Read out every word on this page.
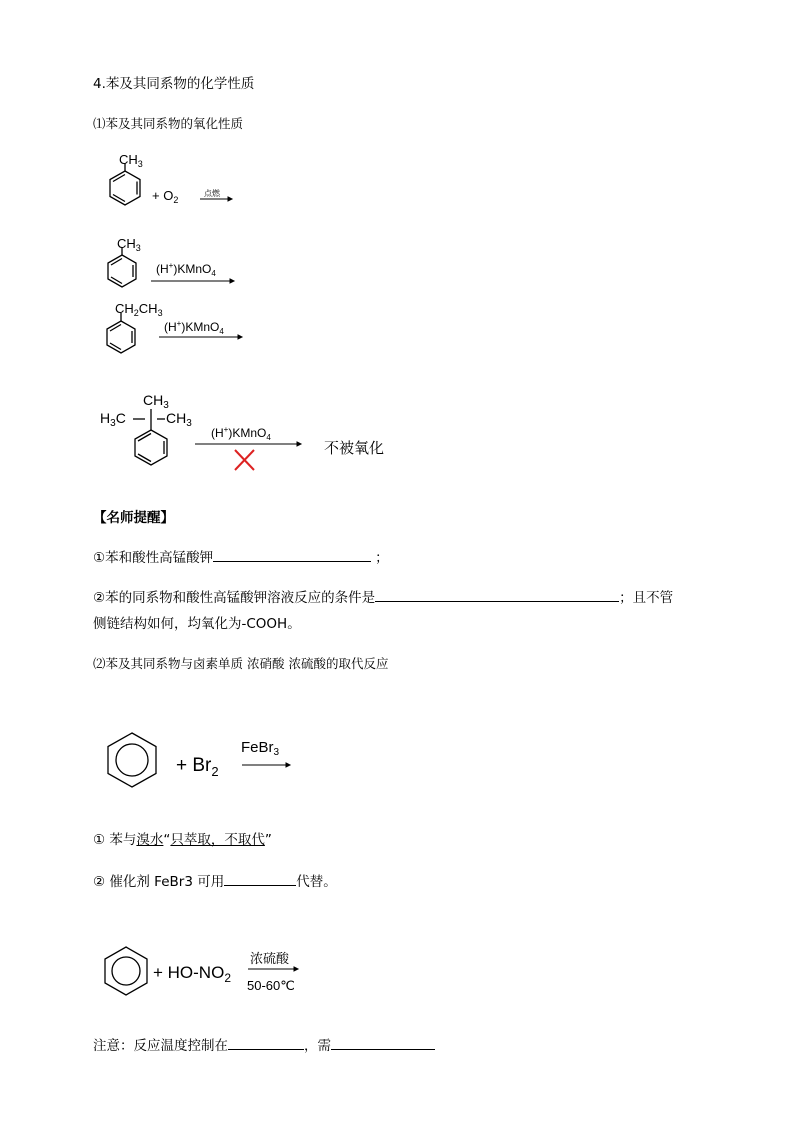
4.苯及其同系物的化学性质
⑴苯及其同系物的氧化性质
$CH_3$
+ $O_2$
点燃
$CH_3$
(H+)KMnO$_4$
$CH_2CH_3$
(H+)KMnO$_4$
$CH_3$
$H_3C$	$CH_3$
(H+)KMnO$_4$
不被氧化
【名师提醒】
①苯和酸性高锰酸钾	；
②苯的同系物和酸性高锰酸钾溶液反应的条件是	；且不管
侧链结构如何，均氧化为-COOH。
⑵苯及其同系物与卤素单质 浓硝酸 浓硫酸的取代反应
+ $Br_2$
FeBr$_3$
① 苯与溴水“只萃取，不取代”
② 催化剂 FeBr3 可用	代替。
+ $HO-NO_2$
浓硫酸
50-60℃
注意：反应温度控制在	，需
